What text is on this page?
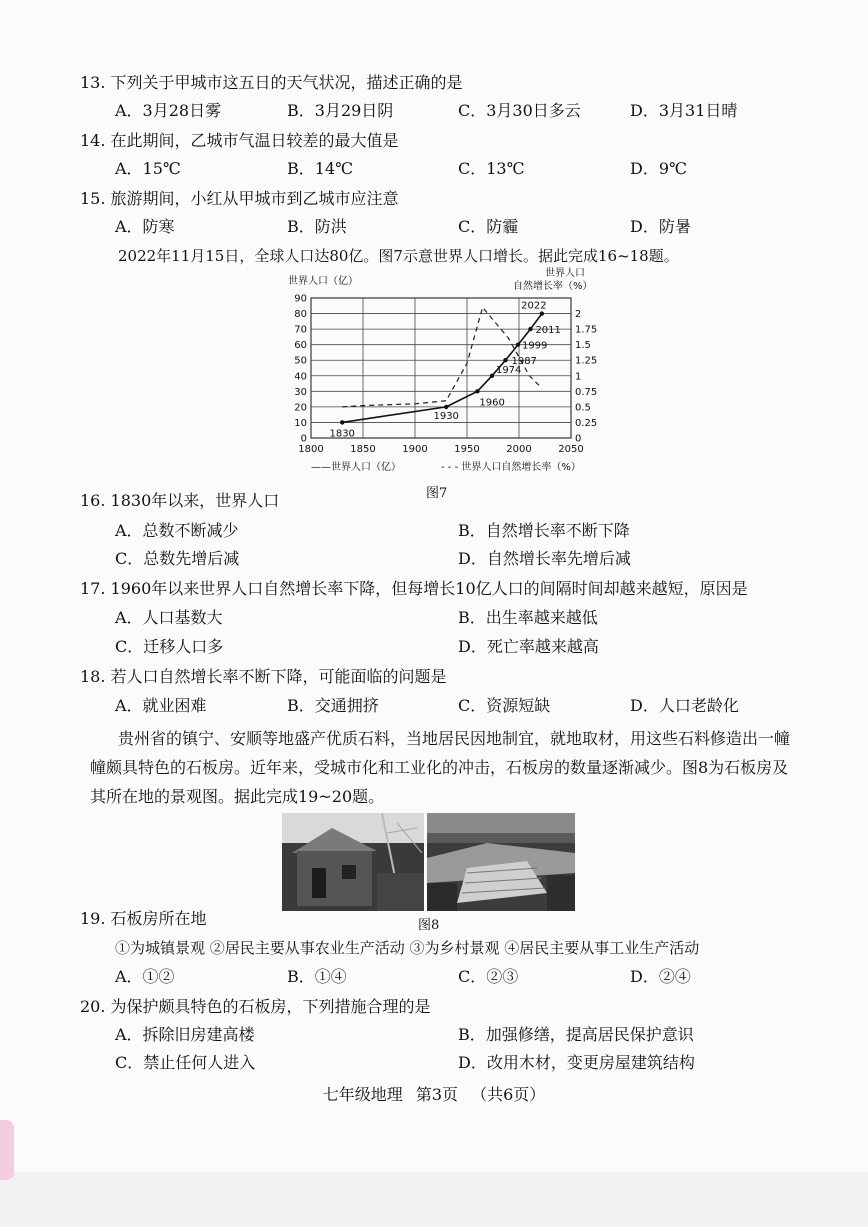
13. 下列关于甲城市这五日的天气状况，描述正确的是
A．3月28日雾	B．3月29日阴	C．3月30日多云	D．3月31日晴
14. 在此期间，乙城市气温日较差的最大值是
A．15℃	B．14℃	C．13℃	D．9℃
15. 旅游期间，小红从甲城市到乙城市应注意
A．防寒	B．防洪	C．防霾	D．防暑
2022年11月15日，全球人口达80亿。图7示意世界人口增长。据此完成16~18题。
1800	1850	1900	1950	2000	2050
0
10
20
30
40
50
60
70
80
90
0
0.25
0.5
0.75
1
1.25
1.5
1.75
2
世界人口（亿）
世界人口
自然增长率（%）
1830
1930
1960
1974
1987
1999
2011
2022
——世界人口（亿）	- - - 世界人口自然增长率（%）
图7
16. 1830年以来，世界人口
A．总数不断减少	B．自然增长率不断下降
C．总数先增后减	D．自然增长率先增后减
17. 1960年以来世界人口自然增长率下降，但每增长10亿人口的间隔时间却越来越短，原因是
A．人口基数大	B．出生率越来越低
C．迁移人口多	D．死亡率越来越高
18. 若人口自然增长率不断下降，可能面临的问题是
A．就业困难	B．交通拥挤	C．资源短缺	D．人口老龄化
贵州省的镇宁、安顺等地盛产优质石料，当地居民因地制宜，就地取材，用这些石料修造出一幢幢颇具特色的石板房。近年来，受城市化和工业化的冲击，石板房的数量逐渐减少。图8为石板房及其所在地的景观图。据此完成19~20题。
图8
19. 石板房所在地
①为城镇景观 ②居民主要从事农业生产活动 ③为乡村景观 ④居民主要从事工业生产活动
A．①②	B．①④	C．②③	D．②④
20. 为保护颇具特色的石板房，下列措施合理的是
A．拆除旧房建高楼	B．加强修缮，提高居民保护意识
C．禁止任何人进入	D．改用木材，变更房屋建筑结构
七年级地理 第3页 （共6页）
